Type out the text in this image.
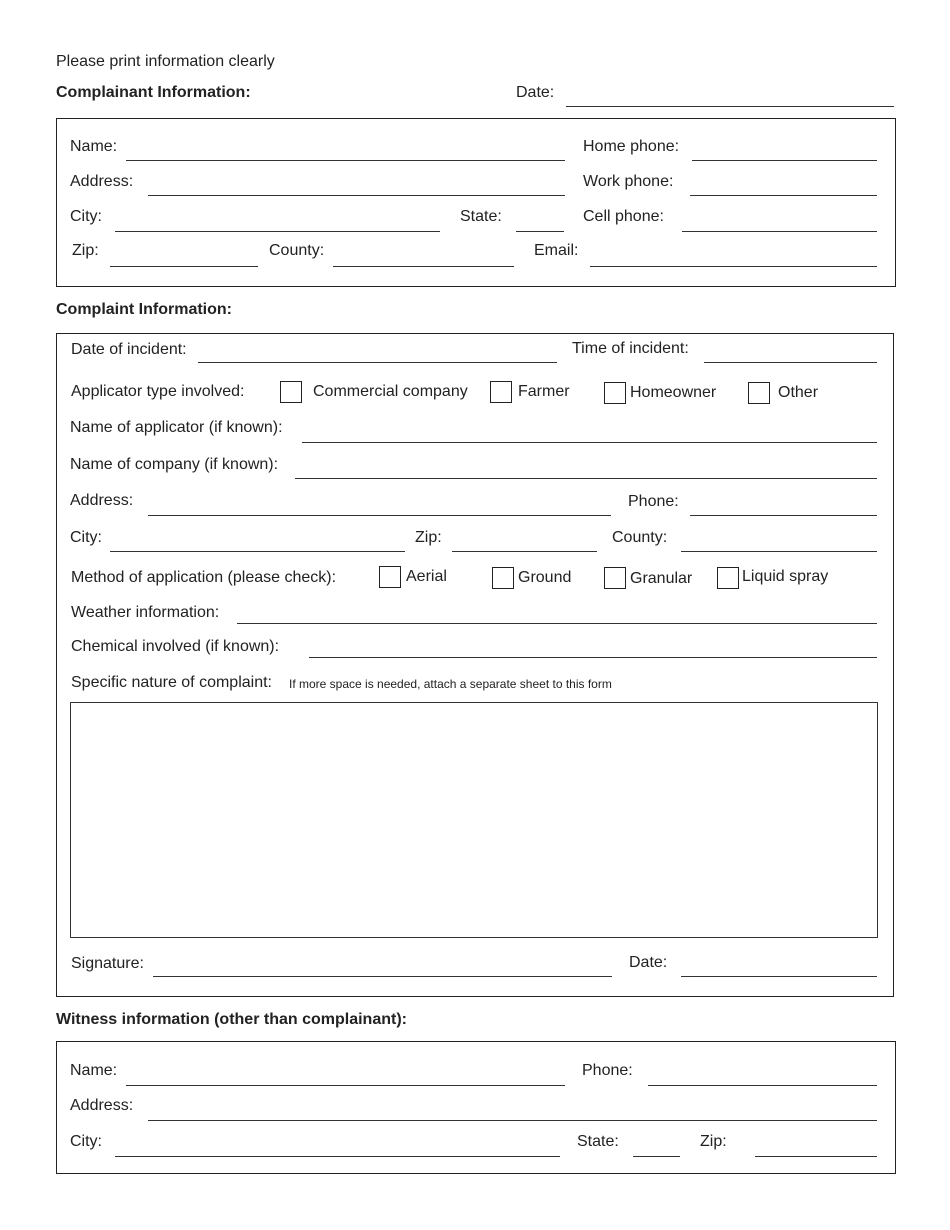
Please print information clearly
Complainant Information:	Date:
Name:	Home phone:
Address:	Work phone:
City:	State:	Cell phone:
Zip:	County:	Email:
Complaint Information:
Date of incident:	Time of incident:
Applicator type involved:	Commercial company	Farmer	Homeowner	Other
Name of applicator (if known):
Name of company (if known):
Address:	Phone:
City:	Zip:	County:
Method of application (please check):	Aerial	Ground	Granular	Liquid spray
Weather information:
Chemical involved (if known):
Specific nature of complaint: If more space is needed, attach a separate sheet to this form
Signature:	Date:
Witness information (other than complainant):
Name:	Phone:
Address:
City:	State:	Zip:
